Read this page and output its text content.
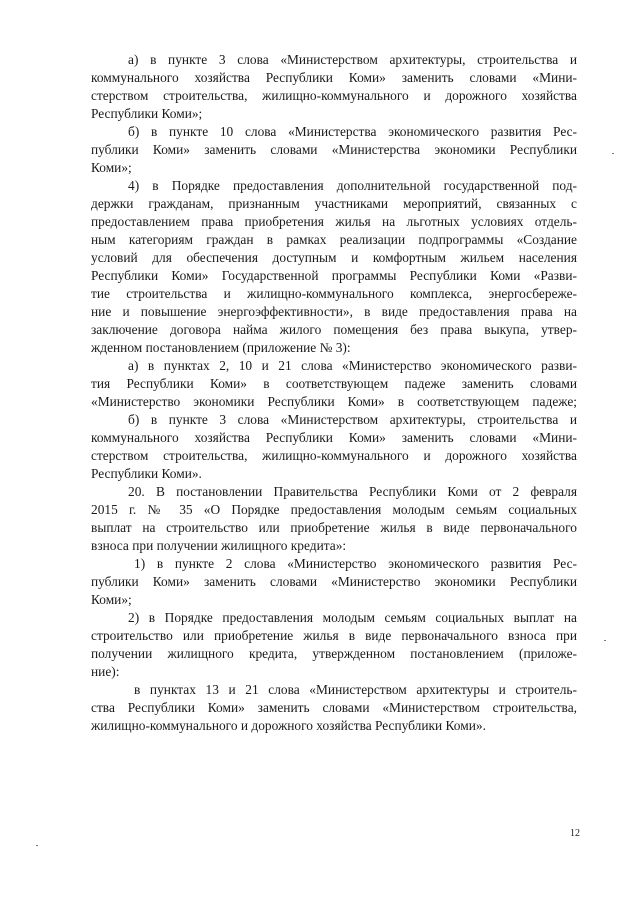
а) в пункте 3 слова «Министерством архитектуры, строительства и
коммунального хозяйства Республики Коми» заменить словами «Мини-
стерством строительства, жилищно-коммунального и дорожного хозяйства
Республики Коми»;
б) в пункте 10 слова «Министерства экономического развития Рес-
публики Коми» заменить словами «Министерства экономики Республики
Коми»;
4) в Порядке предоставления дополнительной государственной под-
держки гражданам, признанным участниками мероприятий, связанных с
предоставлением права приобретения жилья на льготных условиях отдель-
ным категориям граждан в рамках реализации подпрограммы «Создание
условий для обеспечения доступным и комфортным жильем населения
Республики Коми» Государственной программы Республики Коми «Разви-
тие строительства и жилищно-коммунального комплекса, энергосбереже-
ние и повышение энергоэффективности», в виде предоставления права на
заключение договора найма жилого помещения без права выкупа, утвер-
жденном постановлением (приложение № 3):
а) в пунктах 2, 10 и 21 слова «Министерство экономического разви-
тия Республики Коми» в соответствующем падеже заменить словами
«Министерство экономики Республики Коми» в соответствующем падеже;
б) в пункте 3 слова «Министерством архитектуры, строительства и
коммунального хозяйства Республики Коми» заменить словами «Мини-
стерством строительства, жилищно-коммунального и дорожного хозяйства
Республики Коми».
20. В постановлении Правительства Республики Коми от 2 февраля
2015 г. № 35 «О Порядке предоставления молодым семьям социальных
выплат на строительство или приобретение жилья в виде первоначального
взноса при получении жилищного кредита»:
1) в пункте 2 слова «Министерство экономического развития Рес-
публики Коми» заменить словами «Министерство экономики Республики
Коми»;
2) в Порядке предоставления молодым семьям социальных выплат на
строительство или приобретение жилья в виде первоначального взноса при
получении жилищного кредита, утвержденном постановлением (приложе-
ние):
в пунктах 13 и 21 слова «Министерством архитектуры и строитель-
ства Республики Коми» заменить словами «Министерством строительства,
жилищно-коммунального и дорожного хозяйства Республики Коми».
12
